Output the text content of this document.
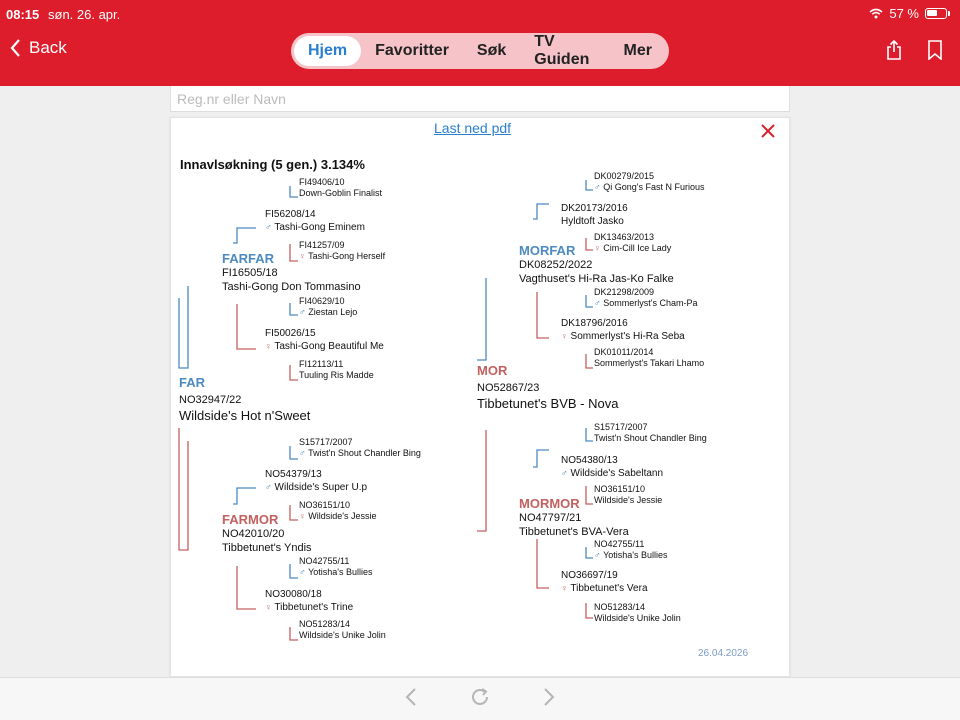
08:15 søn. 26. apr.	57 %
Back	Hjem	Favoritter	Søk
TV Guiden
Mer
Reg.nr eller Navn
Last ned pdf
Innavlsøkning (5 gen.) 3.134%
FAR
NO32947/22
Wildside's Hot n'Sweet
MOR
NO52867/23
Tibbetunet's BVB - Nova
FARFAR
FI16505/18
Tashi-Gong Don Tommasino
FARMOR
NO42010/20
Tibbetunet's Yndis
MORFAR
DK08252/2022
Vagthuset's Hi-Ra Jas-Ko Falke
MORMOR
NO47797/21
Tibbetunet's BVA-Vera
FI56208/14
♂ Tashi-Gong Eminem
FI50026/15
♀ Tashi-Gong Beautiful Me
NO54379/13
♂ Wildside's Super U.p
NO30080/18
♀ Tibbetunet's Trine
DK20173/2016
Hyldtoft Jasko
DK18796/2016
♀ Sommerlyst's Hi-Ra Seba
NO54380/13
♂ Wildside's Sabeltann
NO36697/19
♀ Tibbetunet's Vera
FI49406/10
Down-Goblin Finalist
FI41257/09
♀ Tashi-Gong Herself
FI40629/10
♂ Ziestan Lejo
FI12113/11
Tuuling Ris Madde
S15717/2007
♂ Twist'n Shout Chandler Bing
NO36151/10
♀ Wildside's Jessie
NO42755/11
♂ Yotisha's Bullies
NO51283/14
Wildside's Unike Jolin
DK00279/2015
♂ Qi Gong's Fast N Furious
DK13463/2013
♀ Cim-Cill Ice Lady
DK21298/2009
♂ Sommerlyst's Cham-Pa
DK01011/2014
Sommerlyst's Takari Lhamo
S15717/2007
Twist'n Shout Chandler Bing
NO36151/10
Wildside's Jessie
NO42755/11
♂ Yotisha's Bullies
NO51283/14
Wildside's Unike Jolin
26.04.2026
